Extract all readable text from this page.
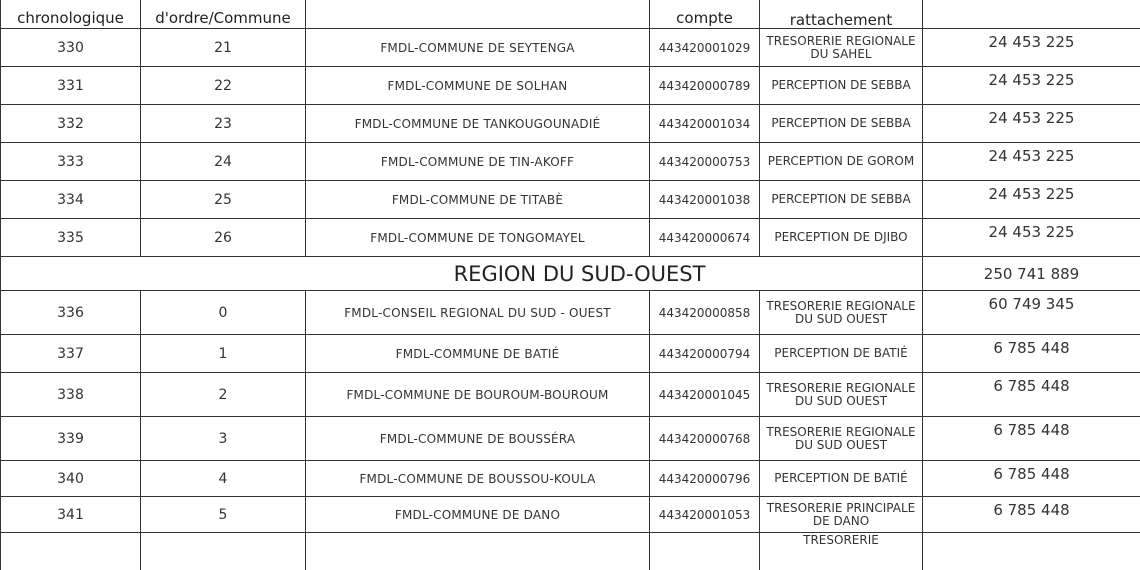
chronologique	d'ordre/Commune		compte	rattachement	
330	21	FMDL-COMMUNE DE SEYTENGA	443420001029	TRESORERIE REGIONALE DU SAHEL	24 453 225
331	22	FMDL-COMMUNE DE SOLHAN	443420000789	PERCEPTION DE SEBBA	24 453 225
332	23	FMDL-COMMUNE DE TANKOUGOUNADIÉ	443420001034	PERCEPTION DE SEBBA	24 453 225
333	24	FMDL-COMMUNE DE TIN-AKOFF	443420000753	PERCEPTION DE GOROM	24 453 225
334	25	FMDL-COMMUNE DE TITABÈ	443420001038	PERCEPTION DE SEBBA	24 453 225
335	26	FMDL-COMMUNE DE TONGOMAYEL	443420000674	PERCEPTION DE DJIBO	24 453 225
REGION DU SUD-OUEST					250 741 889
336	0	FMDL-CONSEIL REGIONAL DU SUD - OUEST	443420000858	TRESORERIE REGIONALE DU SUD OUEST	60 749 345
337	1	FMDL-COMMUNE DE BATIÉ	443420000794	PERCEPTION DE BATIÉ	6 785 448
338	2	FMDL-COMMUNE DE BOUROUM-BOUROUM	443420001045	TRESORERIE REGIONALE DU SUD OUEST	6 785 448
339	3	FMDL-COMMUNE DE BOUSSÉRA	443420000768	TRESORERIE REGIONALE DU SUD OUEST	6 785 448
340	4	FMDL-COMMUNE DE BOUSSOU-KOULA	443420000796	PERCEPTION DE BATIÉ	6 785 448
341	5	FMDL-COMMUNE DE DANO	443420001053	TRESORERIE PRINCIPALE DE DANO	6 785 448
				TRESORERIE	
